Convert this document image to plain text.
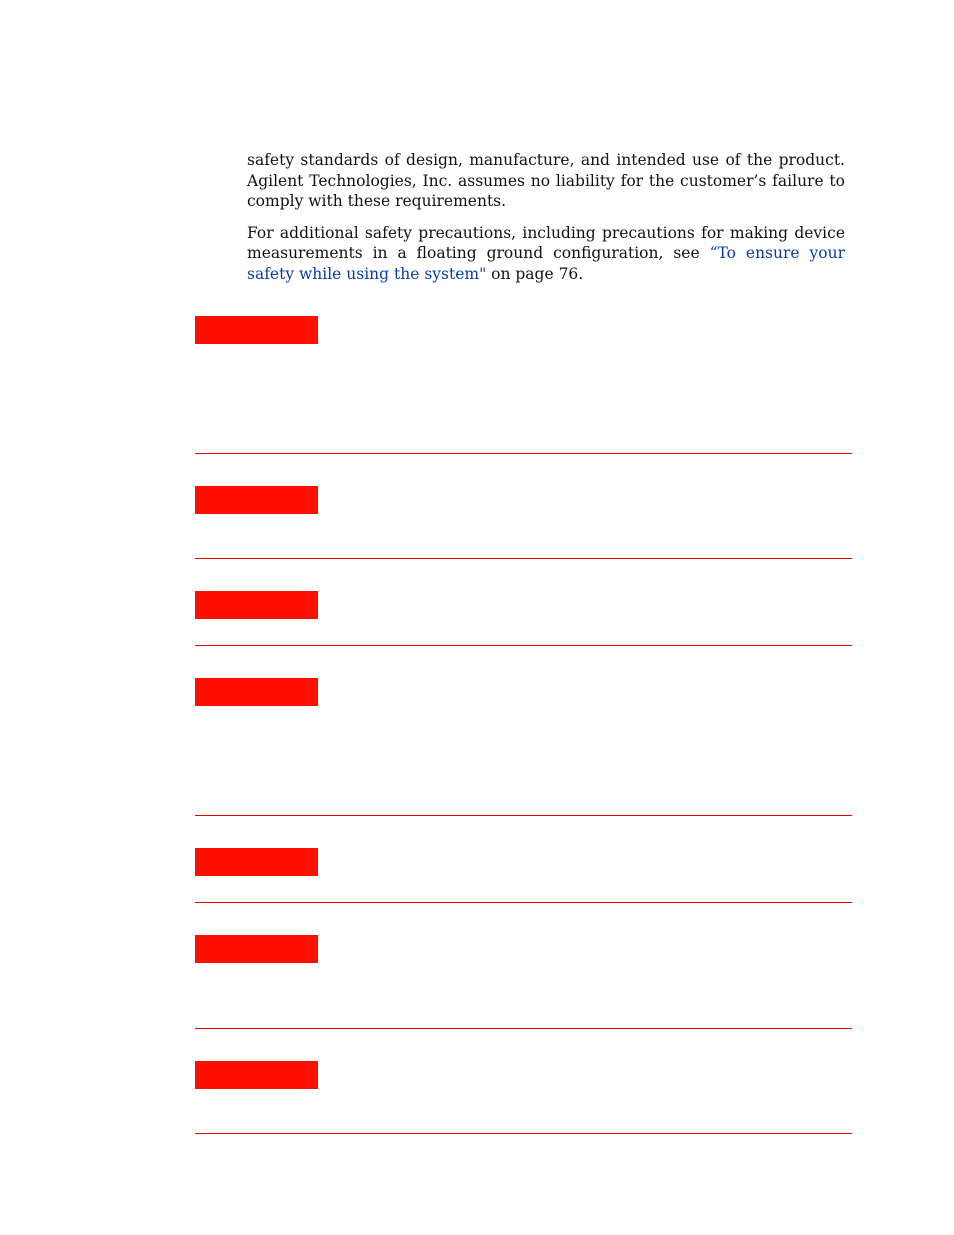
safety standards of design, manufacture, and intended use of the product. Agilent Technologies, Inc. assumes no liability for the customer’s failure to comply with these requirements.

For additional safety precautions, including precautions for making device measurements in a floating ground configuration, see “To ensure your safety while using the system" on page 76.
